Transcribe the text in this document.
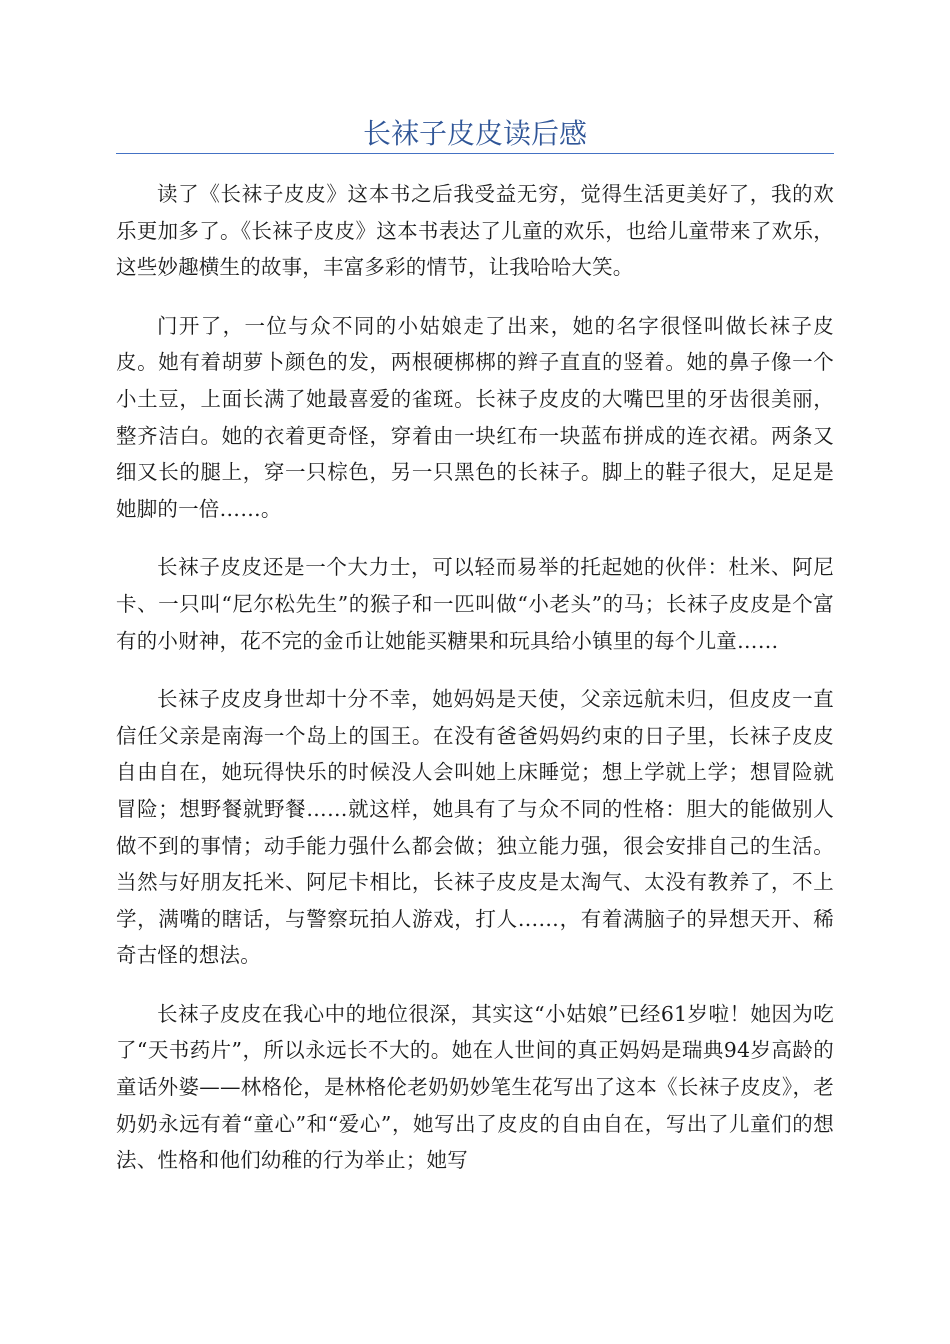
长袜子皮皮读后感

读了《长袜子皮皮》这本书之后我受益无穷，觉得生活更美好了，我的欢乐更加多了。《长袜子皮皮》这本书表达了儿童的欢乐，也给儿童带来了欢乐，这些妙趣横生的故事，丰富多彩的情节，让我哈哈大笑。

门开了，一位与众不同的小姑娘走了出来，她的名字很怪叫做长袜子皮皮。她有着胡萝卜颜色的发，两根硬梆梆的辫子直直的竖着。她的鼻子像一个小土豆，上面长满了她最喜爱的雀斑。长袜子皮皮的大嘴巴里的牙齿很美丽，整齐洁白。她的衣着更奇怪，穿着由一块红布一块蓝布拼成的连衣裙。两条又细又长的腿上，穿一只棕色，另一只黑色的长袜子。脚上的鞋子很大，足足是她脚的一倍……。

长袜子皮皮还是一个大力士，可以轻而易举的托起她的伙伴：杜米、阿尼卡、一只叫“尼尔松先生”的猴子和一匹叫做“小老头”的马；长袜子皮皮是个富有的小财神，花不完的金币让她能买糖果和玩具给小镇里的每个儿童……

长袜子皮皮身世却十分不幸，她妈妈是天使，父亲远航未归，但皮皮一直信任父亲是南海一个岛上的国王。在没有爸爸妈妈约束的日子里，长袜子皮皮自由自在，她玩得快乐的时候没人会叫她上床睡觉；想上学就上学；想冒险就冒险；想野餐就野餐……就这样，她具有了与众不同的性格：胆大的能做别人做不到的事情；动手能力强什么都会做；独立能力强，很会安排自己的生活。当然与好朋友托米、阿尼卡相比，长袜子皮皮是太淘气、太没有教养了，不上学，满嘴的瞎话，与警察玩拍人游戏，打人……，有着满脑子的异想天开、稀奇古怪的想法。

长袜子皮皮在我心中的地位很深，其实这“小姑娘”已经61岁啦！她因为吃了“天书药片”，所以永远长不大的。她在人世间的真正妈妈是瑞典94岁高龄的童话外婆——林格伦，是林格伦老奶奶妙笔生花写出了这本《长袜子皮皮》，老奶奶永远有着“童心”和“爱心”，她写出了皮皮的自由自在，写出了儿童们的想法、性格和他们幼稚的行为举止；她写
